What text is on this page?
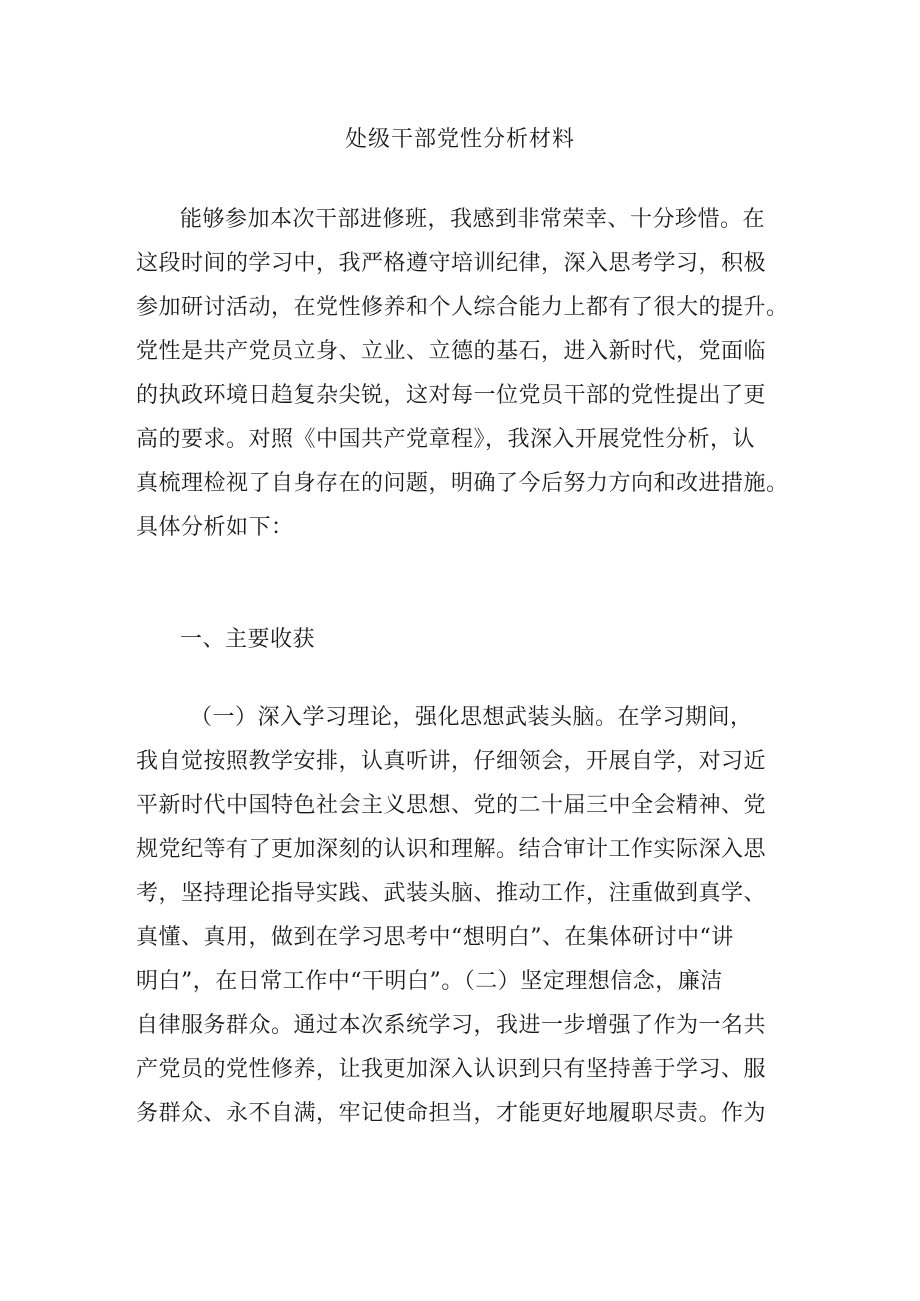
处级干部党性分析材料
能够参加本次干部进修班，我感到非常荣幸、十分珍惜。在
这段时间的学习中，我严格遵守培训纪律，深入思考学习，积极
参加研讨活动，在党性修养和个人综合能力上都有了很大的提升。
党性是共产党员立身、立业、立德的基石，进入新时代，党面临
的执政环境日趋复杂尖锐，这对每一位党员干部的党性提出了更
高的要求。对照《中国共产党章程》，我深入开展党性分析，认
真梳理检视了自身存在的问题，明确了今后努力方向和改进措施。
具体分析如下：
一、主要收获
（一）深入学习理论，强化思想武装头脑。在学习期间，
我自觉按照教学安排，认真听讲，仔细领会，开展自学，对习近
平新时代中国特色社会主义思想、党的二十届三中全会精神、党
规党纪等有了更加深刻的认识和理解。结合审计工作实际深入思
考，坚持理论指导实践、武装头脑、推动工作，注重做到真学、
真懂、真用，做到在学习思考中“想明白”、在集体研讨中“讲
明白”，在日常工作中“干明白”。（二）坚定理想信念，廉洁
自律服务群众。通过本次系统学习，我进一步增强了作为一名共
产党员的党性修养，让我更加深入认识到只有坚持善于学习、服
务群众、永不自满，牢记使命担当，才能更好地履职尽责。作为
